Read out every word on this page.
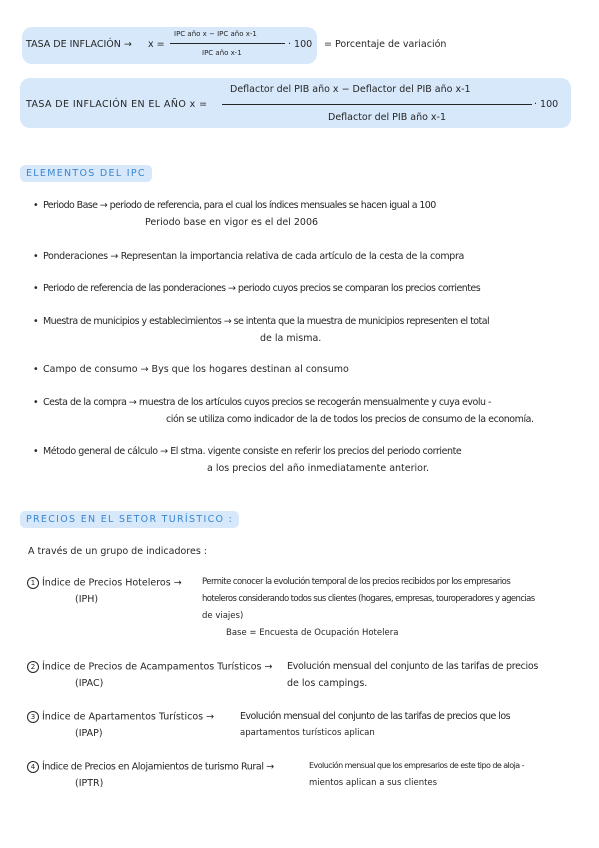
TASA DE INFLACIÓN → x =
IPC año x − IPC año x-1
IPC año x-1
· 100 = Porcentaje de variación
TASA DE INFLACIÓN EN EL AÑO x =
Deflactor del PIB año x − Deflactor del PIB año x-1
Deflactor del PIB año x-1
· 100
ELEMENTOS DEL IPC
• Periodo Base → periodo de referencia, para el cual los índices mensuales se hacen igual a 100
Periodo base en vigor es el del 2006
• Ponderaciones → Representan la importancia relativa de cada artículo de la cesta de la compra
• Periodo de referencia de las ponderaciones → periodo cuyos precios se comparan los precios corrientes
• Muestra de municipios y establecimientos → se intenta que la muestra de municipios representen el total
de la misma.
• Campo de consumo → Bys que los hogares destinan al consumo
• Cesta de la compra → muestra de los artículos cuyos precios se recogerán mensualmente y cuya evolu -
ción se utiliza como indicador de la de todos los precios de consumo de la economía.
• Método general de cálculo → El stma. vigente consiste en referir los precios del periodo corriente
a los precios del año inmediatamente anterior.
PRECIOS EN EL SETOR TURÍSTICO :
A través de un grupo de indicadores :
1 Índice de Precios Hoteleros →
(IPH)
Permite conocer la evolución temporal de los precios recibidos por los empresarios
hoteleros considerando todos sus clientes (hogares, empresas, touroperadores y agencias
de viajes)
Base = Encuesta de Ocupación Hotelera
2 Índice de Precios de Acampamentos Turísticos →
(IPAC)
Evolución mensual del conjunto de las tarifas de precios
de los campings.
3 Índice de Apartamentos Turísticos →
(IPAP)
Evolución mensual del conjunto de las tarifas de precios que los
apartamentos turísticos aplican
4 Índice de Precios en Alojamientos de turismo Rural →
(IPTR)
Evolución mensual que los empresarios de este tipo de aloja -
mientos aplican a sus clientes
